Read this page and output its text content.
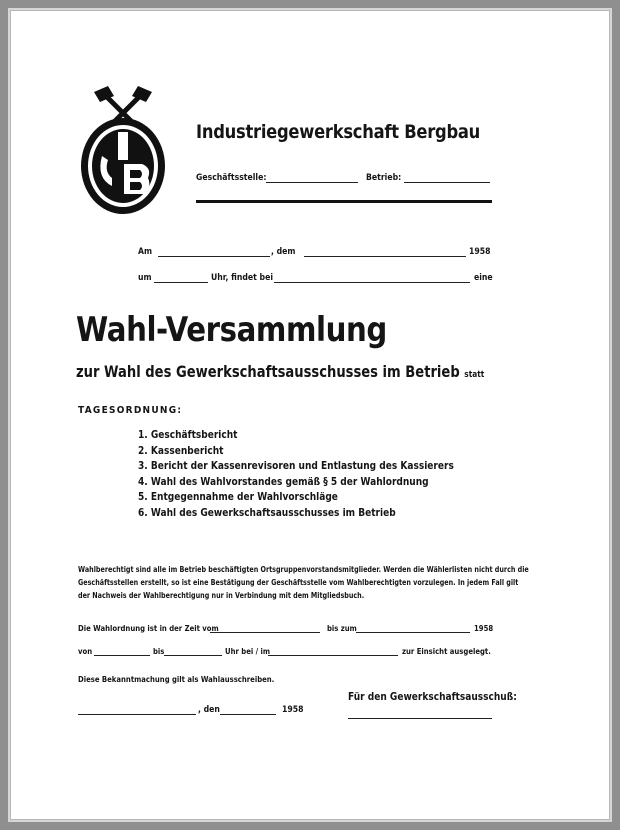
Industriegewerkschaft Bergbau
Geschäftsstelle:	Betrieb:
Am	, dem	1958
um	Uhr, findet bei	eine
Wahl-Versammlung
zur Wahl des Gewerkschaftsausschusses im Betrieb statt
TAGESORDNUNG:
1. Geschäftsbericht
2. Kassenbericht
3. Bericht der Kassenrevisoren und Entlastung des Kassierers
4. Wahl des Wahlvorstandes gemäß § 5 der Wahlordnung
5. Entgegennahme der Wahlvorschläge
6. Wahl des Gewerkschaftsausschusses im Betrieb
Wahlberechtigt sind alle im Betrieb beschäftigten Ortsgruppenvorstandsmitglieder. Werden die Wählerlisten nicht durch die
Geschäftsstellen erstellt, so ist eine Bestätigung der Geschäftsstelle vom Wahlberechtigten vorzulegen. In jedem Fall gilt
der Nachweis der Wahlberechtigung nur in Verbindung mit dem Mitgliedsbuch.
Die Wahlordnung ist in der Zeit vom	bis zum	1958
von	bis	Uhr bei / im	zur Einsicht ausgelegt.
Diese Bekanntmachung gilt als Wahlausschreiben.
Für den Gewerkschaftsausschuß:
, den	1958
